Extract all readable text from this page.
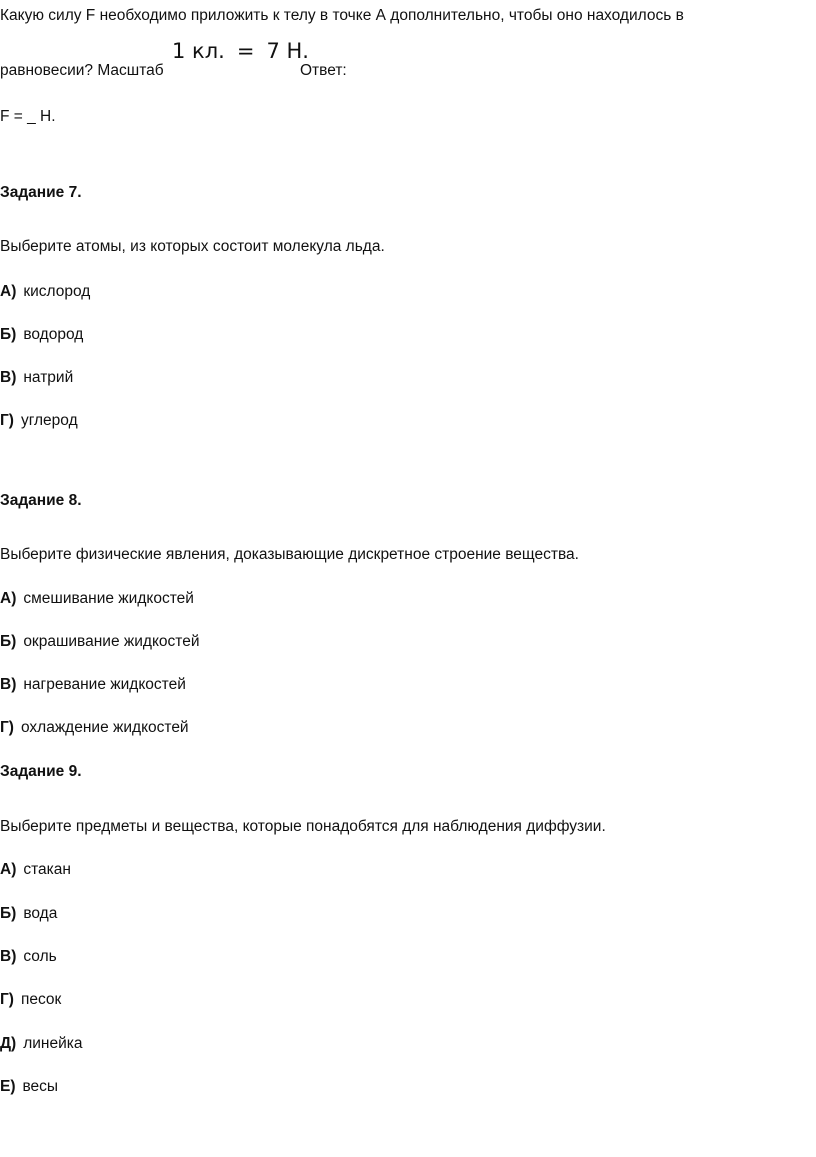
Какую силу F необходимо приложить к телу в точке А дополнительно, чтобы оно находилось в
равновесии? Масштаб
1 кл. = 7 Н.
Ответ:
F = _ Н.
Задание 7.
Выберите атомы, из которых состоит молекула льда.
А) кислород
Б) водород
В) натрий
Г) углерод
Задание 8.
Выберите физические явления, доказывающие дискретное строение вещества.
А) смешивание жидкостей
Б) окрашивание жидкостей
В) нагревание жидкостей
Г) охлаждение жидкостей
Задание 9.
Выберите предметы и вещества, которые понадобятся для наблюдения диффузии.
А) стакан
Б) вода
В) соль
Г) песок
Д) линейка
Е) весы
